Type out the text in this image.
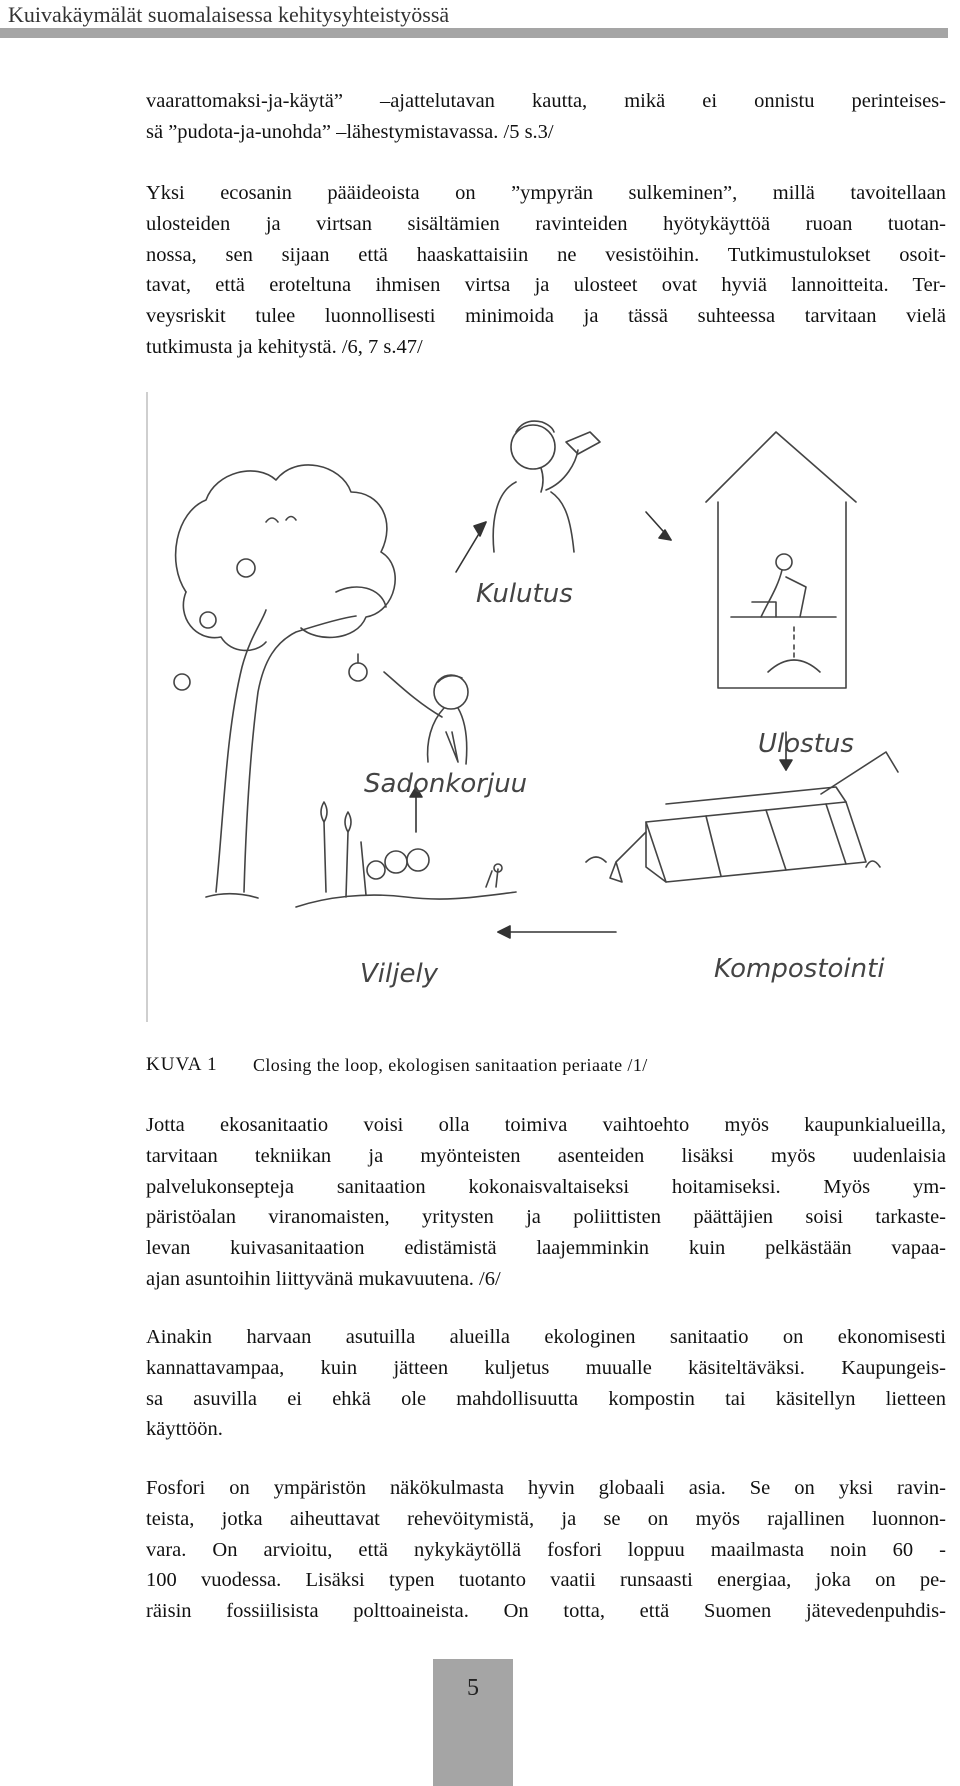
Kuivakäymälät suomalaisessa kehitysyhteistyössä
vaarattomaksi-ja-käytä” –ajattelutavan kautta, mikä ei onnistu perinteises-
sä ”pudota-ja-unohda” –lähestymistavassa. /5 s.3/
Yksi ecosanin pääideoista on ”ympyrän sulkeminen”, millä tavoitellaan
ulosteiden ja virtsan sisältämien ravinteiden hyötykäyttöä ruoan tuotan-
nossa, sen sijaan että haaskattaisiin ne vesistöihin. Tutkimustulokset osoit-
tavat, että eroteltuna ihmisen virtsa ja ulosteet ovat hyviä lannoitteita. Ter-
veysriskit tulee luonnollisesti minimoida ja tässä suhteessa tarvitaan vielä
tutkimusta ja kehitystä. /6, 7 s.47/
Kulutus
Ulostus
Sadonkorjuu
Viljely	Kompostointi
KUVA 1 Closing the loop, ekologisen sanitaation periaate /1/
Jotta ekosanitaatio voisi olla toimiva vaihtoehto myös kaupunkialueilla,
tarvitaan tekniikan ja myönteisten asenteiden lisäksi myös uudenlaisia
palvelukonsepteja sanitaation kokonaisvaltaiseksi hoitamiseksi. Myös ym-
päristöalan viranomaisten, yritysten ja poliittisten päättäjien soisi tarkaste-
levan kuivasanitaation edistämistä laajemminkin kuin pelkästään vapaa-
ajan asuntoihin liittyvänä mukavuutena. /6/
Ainakin harvaan asutuilla alueilla ekologinen sanitaatio on ekonomisesti
kannattavampaa, kuin jätteen kuljetus muualle käsiteltäväksi. Kaupungeis-
sa asuvilla ei ehkä ole mahdollisuutta kompostin tai käsitellyn lietteen
käyttöön.
Fosfori on ympäristön näkökulmasta hyvin globaali asia. Se on yksi ravin-
teista, jotka aiheuttavat rehevöitymistä, ja se on myös rajallinen luonnon-
vara. On arvioitu, että nykykäytöllä fosfori loppuu maailmasta noin 60 -
100 vuodessa. Lisäksi typen tuotanto vaatii runsaasti energiaa, joka on pe-
räisin fossiilisista polttoaineista. On totta, että Suomen jätevedenpuhdis-
5
